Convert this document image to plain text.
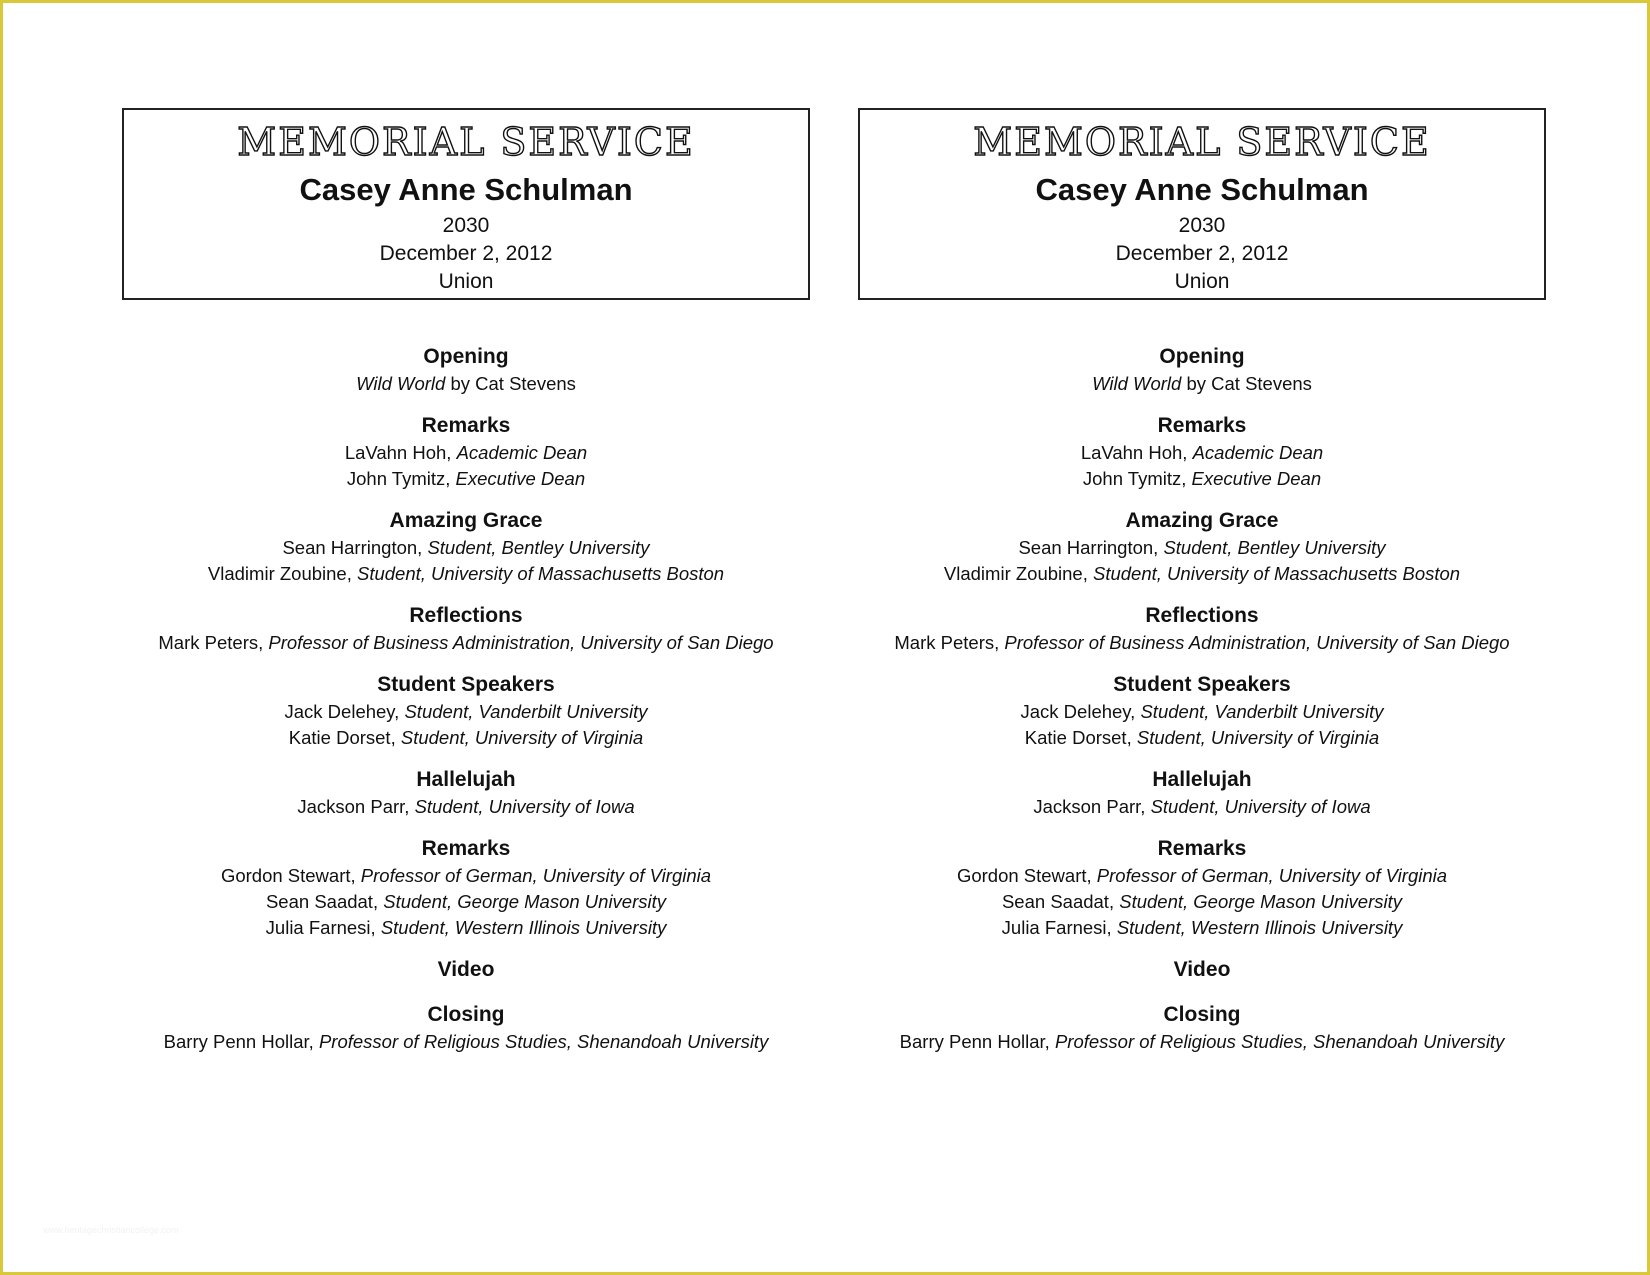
MEMORIAL SERVICE
Casey Anne Schulman
2030
December 2, 2012
Union
Opening
Wild World by Cat Stevens
Remarks
LaVahn Hoh, Academic Dean
John Tymitz, Executive Dean
Amazing Grace
Sean Harrington, Student, Bentley University
Vladimir Zoubine, Student, University of Massachusetts Boston
Reflections
Mark Peters, Professor of Business Administration, University of San Diego
Student Speakers
Jack Delehey, Student, Vanderbilt University
Katie Dorset, Student, University of Virginia
Hallelujah
Jackson Parr, Student, University of Iowa
Remarks
Gordon Stewart, Professor of German, University of Virginia
Sean Saadat, Student, George Mason University
Julia Farnesi, Student, Western Illinois University
Video
Closing
Barry Penn Hollar, Professor of Religious Studies, Shenandoah University
MEMORIAL SERVICE
Casey Anne Schulman
2030
December 2, 2012
Union
Opening
Wild World by Cat Stevens
Remarks
LaVahn Hoh, Academic Dean
John Tymitz, Executive Dean
Amazing Grace
Sean Harrington, Student, Bentley University
Vladimir Zoubine, Student, University of Massachusetts Boston
Reflections
Mark Peters, Professor of Business Administration, University of San Diego
Student Speakers
Jack Delehey, Student, Vanderbilt University
Katie Dorset, Student, University of Virginia
Hallelujah
Jackson Parr, Student, University of Iowa
Remarks
Gordon Stewart, Professor of German, University of Virginia
Sean Saadat, Student, George Mason University
Julia Farnesi, Student, Western Illinois University
Video
Closing
Barry Penn Hollar, Professor of Religious Studies, Shenandoah University
www.heritagechristiancollege.com
